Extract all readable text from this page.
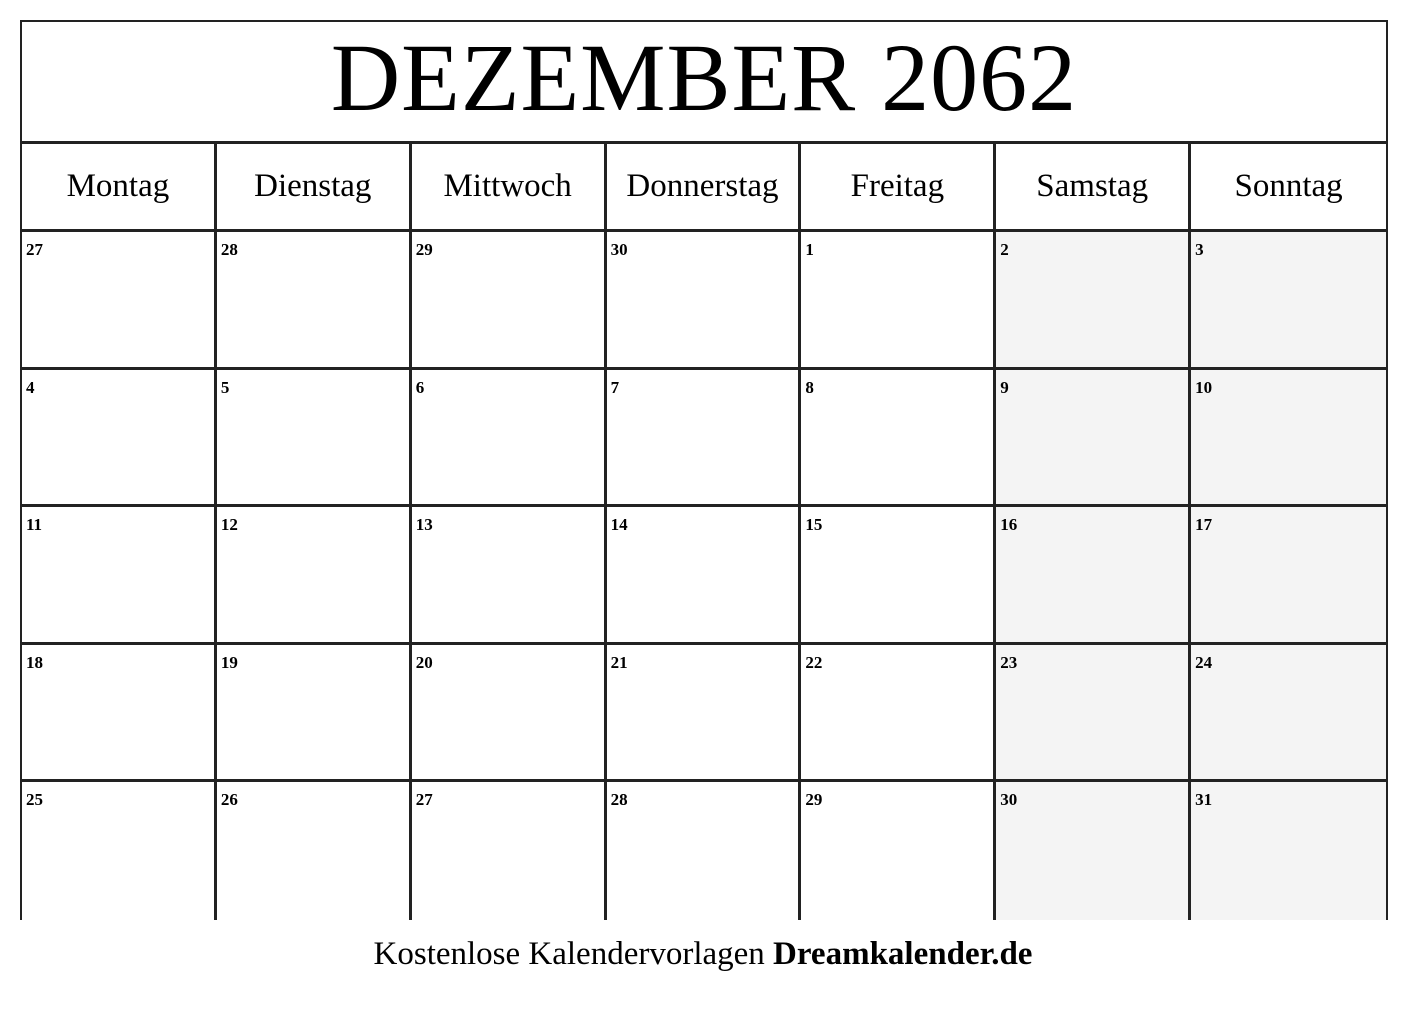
DEZEMBER 2062
Montag	Dienstag	Mittwoch	Donnerstag	Freitag	Samstag	Sonntag
27	28	29	30	1	2	3
4	5	6	7	8	9	10
11	12	13	14	15	16	17
18	19	20	21	22	23	24
25	26	27	28	29	30	31
Kostenlose Kalendervorlagen Dreamkalender.de
